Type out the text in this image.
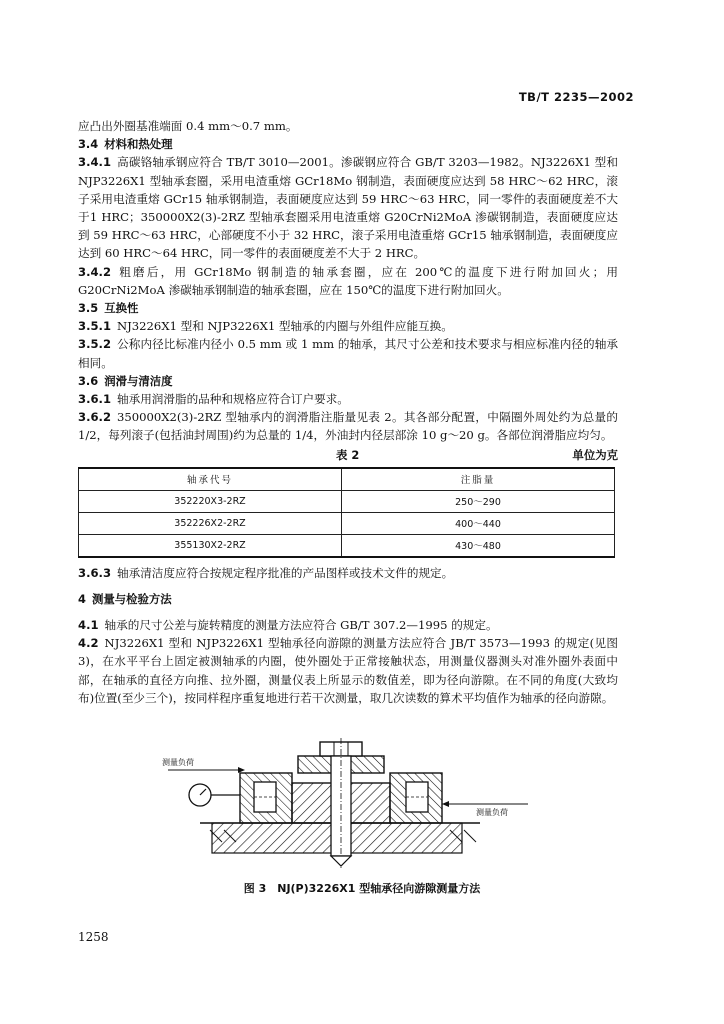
TB/T 2235—2002

应凸出外圈基准端面 0.4 mm～0.7 mm。

3.4 材料和热处理

3.4.1 高碳铬轴承钢应符合 TB/T 3010—2001。渗碳钢应符合 GB/T 3203—1982。NJ3226X1 型和 NJP3226X1 型轴承套圈，采用电渣重熔 GCr18Mo 钢制造，表面硬度应达到 58 HRC～62 HRC，滚子采用电渣重熔 GCr15 轴承钢制造，表面硬度应达到 59 HRC～63 HRC，同一零件的表面硬度差不大于1 HRC；350000X2(3)-2RZ 型轴承套圈采用电渣重熔 G20CrNi2MoA 渗碳钢制造，表面硬度应达到 59 HRC～63 HRC，心部硬度不小于 32 HRC，滚子采用电渣重熔 GCr15 轴承钢制造，表面硬度应达到 60 HRC～64 HRC，同一零件的表面硬度差不大于 2 HRC。

3.4.2 粗磨后，用 GCr18Mo 钢制造的轴承套圈，应在 200℃的温度下进行附加回火；用 G20CrNi2MoA 渗碳轴承钢制造的轴承套圈，应在 150℃的温度下进行附加回火。

3.5 互换性

3.5.1 NJ3226X1 型和 NJP3226X1 型轴承的内圈与外组件应能互换。

3.5.2 公称内径比标准内径小 0.5 mm 或 1 mm 的轴承，其尺寸公差和技术要求与相应标准内径的轴承相同。

3.6 润滑与清洁度

3.6.1 轴承用润滑脂的品种和规格应符合订户要求。

3.6.2 350000X2(3)-2RZ 型轴承内的润滑脂注脂量见表 2。其各部分配置，中隔圈外周处约为总量的 1/2，每列滚子(包括油封周围)约为总量的 1/4，外油封内径层部涂 10 g～20 g。各部位润滑脂应均匀。

表 2	单位为克
轴承代号	注脂量
352220X3-2RZ	250～290
352226X2-2RZ	400～440
355130X2-2RZ	430～480

3.6.3 轴承清洁度应符合按规定程序批准的产品图样或技术文件的规定。

4 测量与检验方法

4.1 轴承的尺寸公差与旋转精度的测量方法应符合 GB/T 307.2—1995 的规定。

4.2 NJ3226X1 型和 NJP3226X1 型轴承径向游隙的测量方法应符合 JB/T 3573—1993 的规定(见图 3)，在水平平台上固定被测轴承的内圈，使外圈处于正常接触状态，用测量仪器测头对准外圈外表面中部，在轴承的直径方向推、拉外圈，测量仪表上所显示的数值差，即为径向游隙。在不同的角度(大致均布)位置(至少三个)，按同样程序重复地进行若干次测量，取几次读数的算术平均值作为轴承的径向游隙。

测量负荷
测量负荷
图 3　NJ(P)3226X1 型轴承径向游隙测量方法
1258
